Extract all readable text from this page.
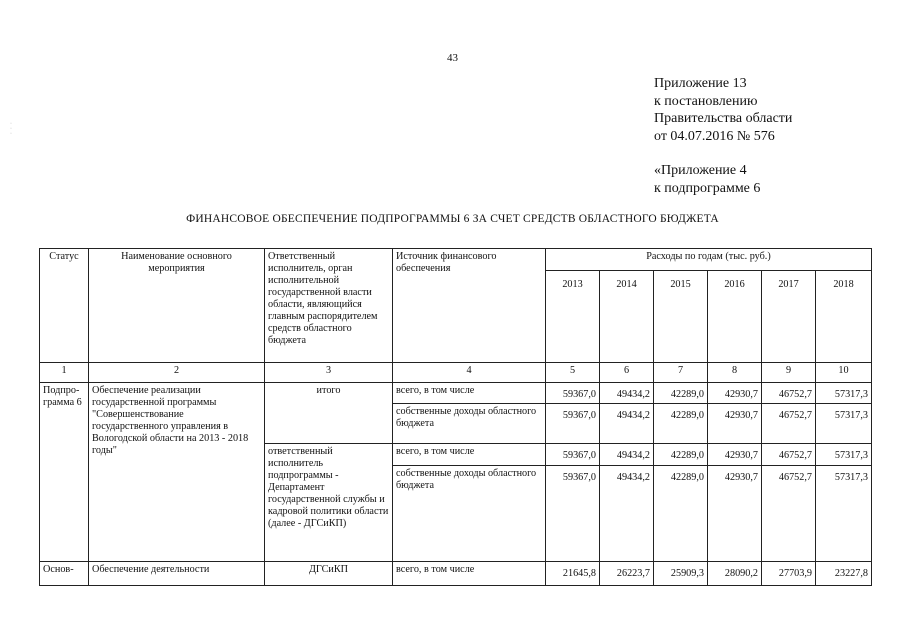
43
·
·
·
Приложение 13
к постановлению
Правительства области
от 04.07.2016 № 576
«Приложение 4
к подпрограмме 6
ФИНАНСОВОЕ ОБЕСПЕЧЕНИЕ ПОДПРОГРАММЫ 6 ЗА СЧЕТ СРЕДСТВ ОБЛАСТНОГО БЮДЖЕТА
Статус	Наименование основного мероприятия	Ответственный исполнитель, орган исполнительной государственной власти области, являющийся главным распорядителем средств областного бюджета	Источник финансового обеспечения	Расходы по годам (тыс. руб.)					
				2013	2014	2015	2016	2017	2018
1	2	3	4	5	6	7	8	9	10
Подпро-грамма 6	Обеспечение реализации государственной программы "Совершенствование государственного управления в Вологодской области на 2013 - 2018 годы"	итого	всего, в том числе	59367,0	49434,2	42289,0	42930,7	46752,7	57317,3
			собственные доходы областного бюджета	59367,0	49434,2	42289,0	42930,7	46752,7	57317,3
		ответственный исполнитель подпрограммы - Департамент государственной службы и кадровой политики области (далее - ДГСиКП)	всего, в том числе	59367,0	49434,2	42289,0	42930,7	46752,7	57317,3
			собственные доходы областного бюджета	59367,0	49434,2	42289,0	42930,7	46752,7	57317,3
Основ-	Обеспечение деятельности	ДГСиКП	всего, в том числе	21645,8	26223,7	25909,3	28090,2	27703,9	23227,8
